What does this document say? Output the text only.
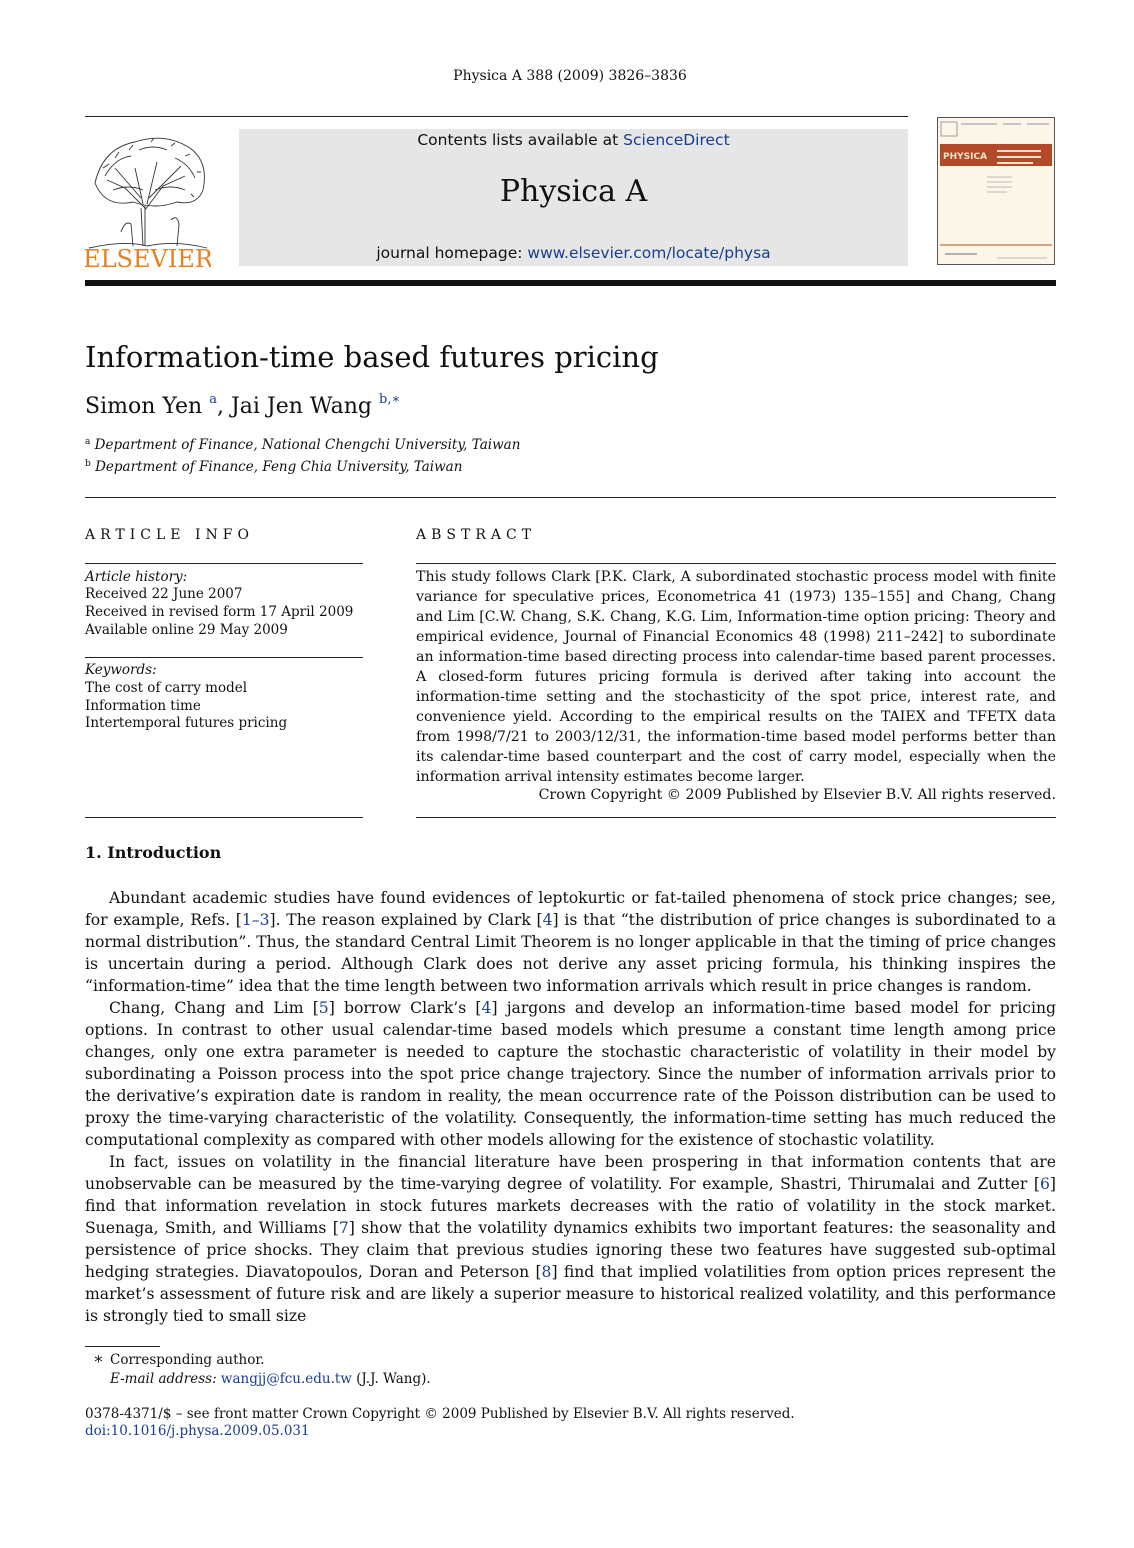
Physica A 388 (2009) 3826–3836
ELSEVIER
Contents lists available at ScienceDirect
Physica A
journal homepage: www.elsevier.com/locate/physa
PHYSICA
Information-time based futures pricing
Simon Yen $^a$, Jai Jen Wang $^{b,∗}$
$^a$ Department of Finance, National Chengchi University, Taiwan
$^b$ Department of Finance, Feng Chia University, Taiwan
ARTICLE INFO	ABSTRACT
Article history:
Received 22 June 2007
Received in revised form 17 April 2009
Available online 29 May 2009
Keywords:
The cost of carry model
Information time
Intertemporal futures pricing

This study follows Clark [P.K. Clark, A subordinated stochastic process model with finite variance for speculative prices, Econometrica 41 (1973) 135–155] and Chang, Chang and Lim [C.W. Chang, S.K. Chang, K.G. Lim, Information-time option pricing: Theory and empirical evidence, Journal of Financial Economics 48 (1998) 211–242] to subordinate an information-time based directing process into calendar-time based parent processes. A closed-form futures pricing formula is derived after taking into account the information-time setting and the stochasticity of the spot price, interest rate, and convenience yield. According to the empirical results on the TAIEX and TFETX data from 1998/7/21 to 2003/12/31, the information-time based model performs better than its calendar-time based counterpart and the cost of carry model, especially when the information arrival intensity estimates become larger.

Crown Copyright © 2009 Published by Elsevier B.V. All rights reserved.
1. Introduction

Abundant academic studies have found evidences of leptokurtic or fat-tailed phenomena of stock price changes; see, for example, Refs. [1–3]. The reason explained by Clark [4] is that “the distribution of price changes is subordinated to a normal distribution”. Thus, the standard Central Limit Theorem is no longer applicable in that the timing of price changes is uncertain during a period. Although Clark does not derive any asset pricing formula, his thinking inspires the “information-time” idea that the time length between two information arrivals which result in price changes is random.

Chang, Chang and Lim [5] borrow Clark’s [4] jargons and develop an information-time based model for pricing options. In contrast to other usual calendar-time based models which presume a constant time length among price changes, only one extra parameter is needed to capture the stochastic characteristic of volatility in their model by subordinating a Poisson process into the spot price change trajectory. Since the number of information arrivals prior to the derivative’s expiration date is random in reality, the mean occurrence rate of the Poisson distribution can be used to proxy the time-varying characteristic of the volatility. Consequently, the information-time setting has much reduced the computational complexity as compared with other models allowing for the existence of stochastic volatility.

In fact, issues on volatility in the financial literature have been prospering in that information contents that are unobservable can be measured by the time-varying degree of volatility. For example, Shastri, Thirumalai and Zutter [6] find that information revelation in stock futures markets decreases with the ratio of volatility in the stock market. Suenaga, Smith, and Williams [7] show that the volatility dynamics exhibits two important features: the seasonality and persistence of price shocks. They claim that previous studies ignoring these two features have suggested sub-optimal hedging strategies. Diavatopoulos, Doran and Peterson [8] find that implied volatilities from option prices represent the market’s assessment of future risk and are likely a superior measure to historical realized volatility, and this performance is strongly tied to small size

∗ Corresponding author.
E-mail address: wangjj@fcu.edu.tw (J.J. Wang).
0378-4371/$ – see front matter Crown Copyright © 2009 Published by Elsevier B.V. All rights reserved.
doi:10.1016/j.physa.2009.05.031
